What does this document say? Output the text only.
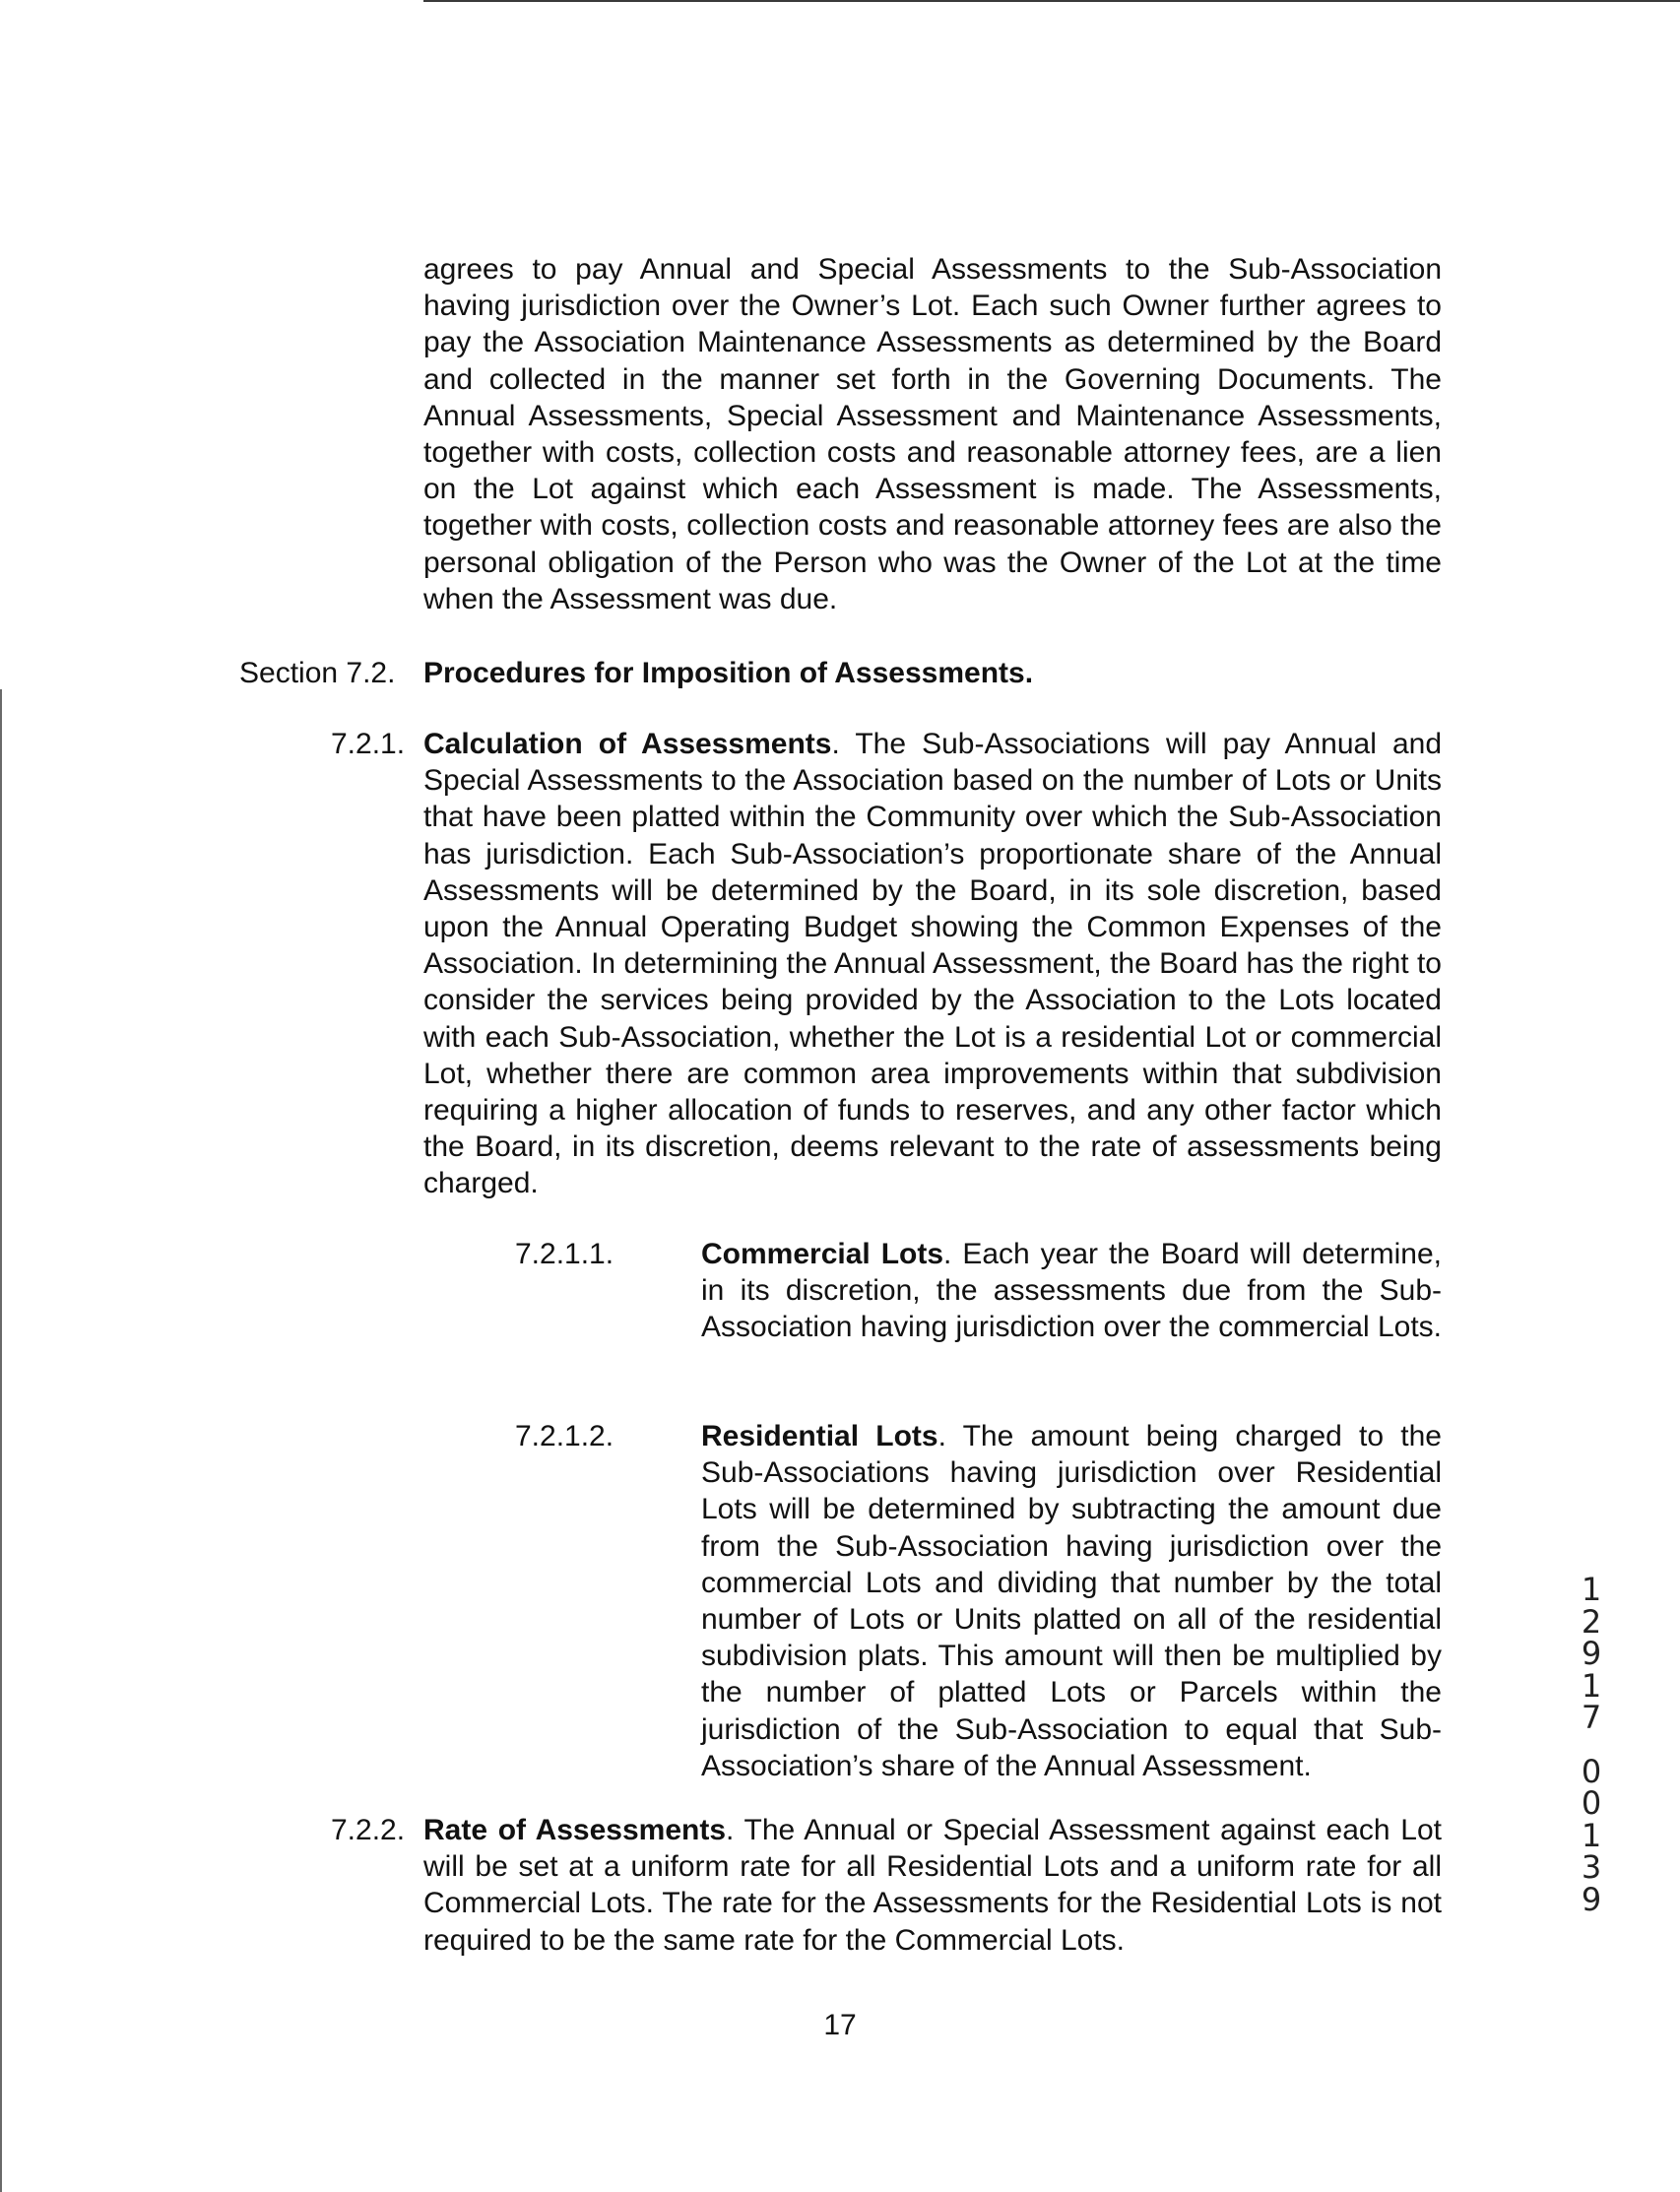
agrees to pay Annual and Special Assessments to the Sub-Association having jurisdiction over the Owner’s Lot. Each such Owner further agrees to pay the Association Maintenance Assessments as determined by the Board and collected in the manner set forth in the Governing Documents. The Annual Assessments, Special Assessment and Maintenance Assessments, together with costs, collection costs and reasonable attorney fees, are a lien on the Lot against which each Assessment is made. The Assessments, together with costs, collection costs and reasonable attorney fees are also the personal obligation of the Person who was the Owner of the Lot at the time when the Assessment was due.

Section 7.2. Procedures for Imposition of Assessments.

7.2.1. Calculation of Assessments. The Sub-Associations will pay Annual and Special Assessments to the Association based on the number of Lots or Units that have been platted within the Community over which the Sub-Association has jurisdiction. Each Sub-Association’s proportionate share of the Annual Assessments will be determined by the Board, in its sole discretion, based upon the Annual Operating Budget showing the Common Expenses of the Association. In determining the Annual Assessment, the Board has the right to consider the services being provided by the Association to the Lots located with each Sub-Association, whether the Lot is a residential Lot or commercial Lot, whether there are common area improvements within that subdivision requiring a higher allocation of funds to reserves, and any other factor which the Board, in its discretion, deems relevant to the rate of assessments being charged.

7.2.1.1.	Commercial Lots. Each year the Board will determine, in its discretion, the assessments due from the Sub-Association having jurisdiction over the commercial Lots.

7.2.1.2.	Residential Lots. The amount being charged to the Sub-Associations having jurisdiction over Residential Lots will be determined by subtracting the amount due from the Sub-Association having jurisdiction over the commercial Lots and dividing that number by the total number of Lots or Units platted on all of the residential subdivision plats. This amount will then be multiplied by the number of platted Lots or Parcels within the jurisdiction of the Sub-Association to equal that Sub-Association’s share of the Annual Assessment.

7.2.2. Rate of Assessments. The Annual or Special Assessment against each Lot will be set at a uniform rate for all Residential Lots and a uniform rate for all Commercial Lots. The rate for the Assessments for the Residential Lots is not required to be the same rate for the Commercial Lots.

17
1
2
9
1
7
0
0
1
3
9
